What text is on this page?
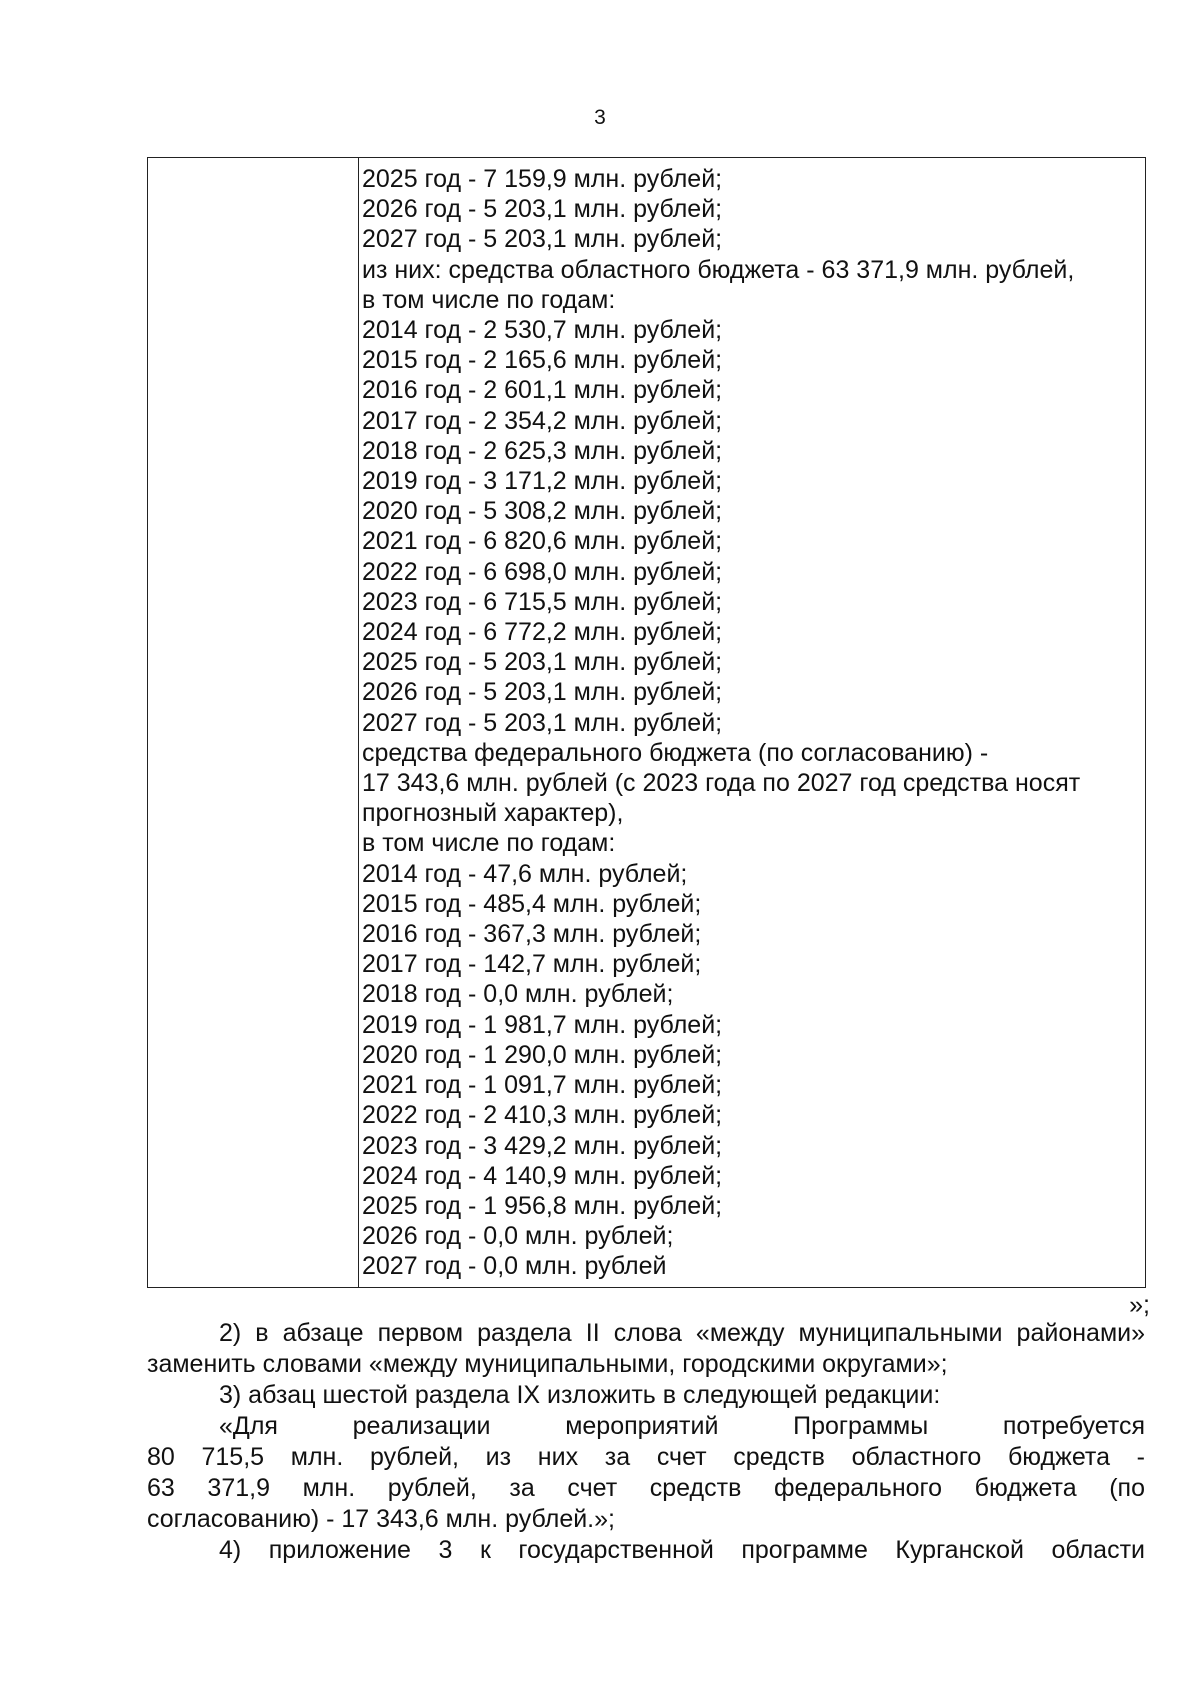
3
2025 год - 7 159,9 млн. рублей;
2026 год - 5 203,1 млн. рублей;
2027 год - 5 203,1 млн. рублей;
из них: средства областного бюджета - 63 371,9 млн. рублей,
в том числе по годам:
2014 год - 2 530,7 млн. рублей;
2015 год - 2 165,6 млн. рублей;
2016 год - 2 601,1 млн. рублей;
2017 год - 2 354,2 млн. рублей;
2018 год - 2 625,3 млн. рублей;
2019 год - 3 171,2 млн. рублей;
2020 год - 5 308,2 млн. рублей;
2021 год - 6 820,6 млн. рублей;
2022 год - 6 698,0 млн. рублей;
2023 год - 6 715,5 млн. рублей;
2024 год - 6 772,2 млн. рублей;
2025 год - 5 203,1 млн. рублей;
2026 год - 5 203,1 млн. рублей;
2027 год - 5 203,1 млн. рублей;
средства федерального бюджета (по согласованию) -
17 343,6 млн. рублей (с 2023 года по 2027 год средства носят
прогнозный характер),
в том числе по годам:
2014 год - 47,6 млн. рублей;
2015 год - 485,4 млн. рублей;
2016 год - 367,3 млн. рублей;
2017 год - 142,7 млн. рублей;
2018 год - 0,0 млн. рублей;
2019 год - 1 981,7 млн. рублей;
2020 год - 1 290,0 млн. рублей;
2021 год - 1 091,7 млн. рублей;
2022 год - 2 410,3 млн. рублей;
2023 год - 3 429,2 млн. рублей;
2024 год - 4 140,9 млн. рублей;
2025 год - 1 956,8 млн. рублей;
2026 год - 0,0 млн. рублей;
2027 год - 0,0 млн. рублей
»;

2) в абзаце первом раздела II слова «между муниципальными районами»

заменить словами «между муниципальными, городскими округами»;

3) абзац шестой раздела IX изложить в следующей редакции:

«Для реализации мероприятий Программы потребуется

80 715,5 млн. рублей, из них за счет средств областного бюджета -

63 371,9 млн. рублей, за счет средств федерального бюджета (по

согласованию) - 17 343,6 млн. рублей.»;

4) приложение 3 к государственной программе Курганской области
